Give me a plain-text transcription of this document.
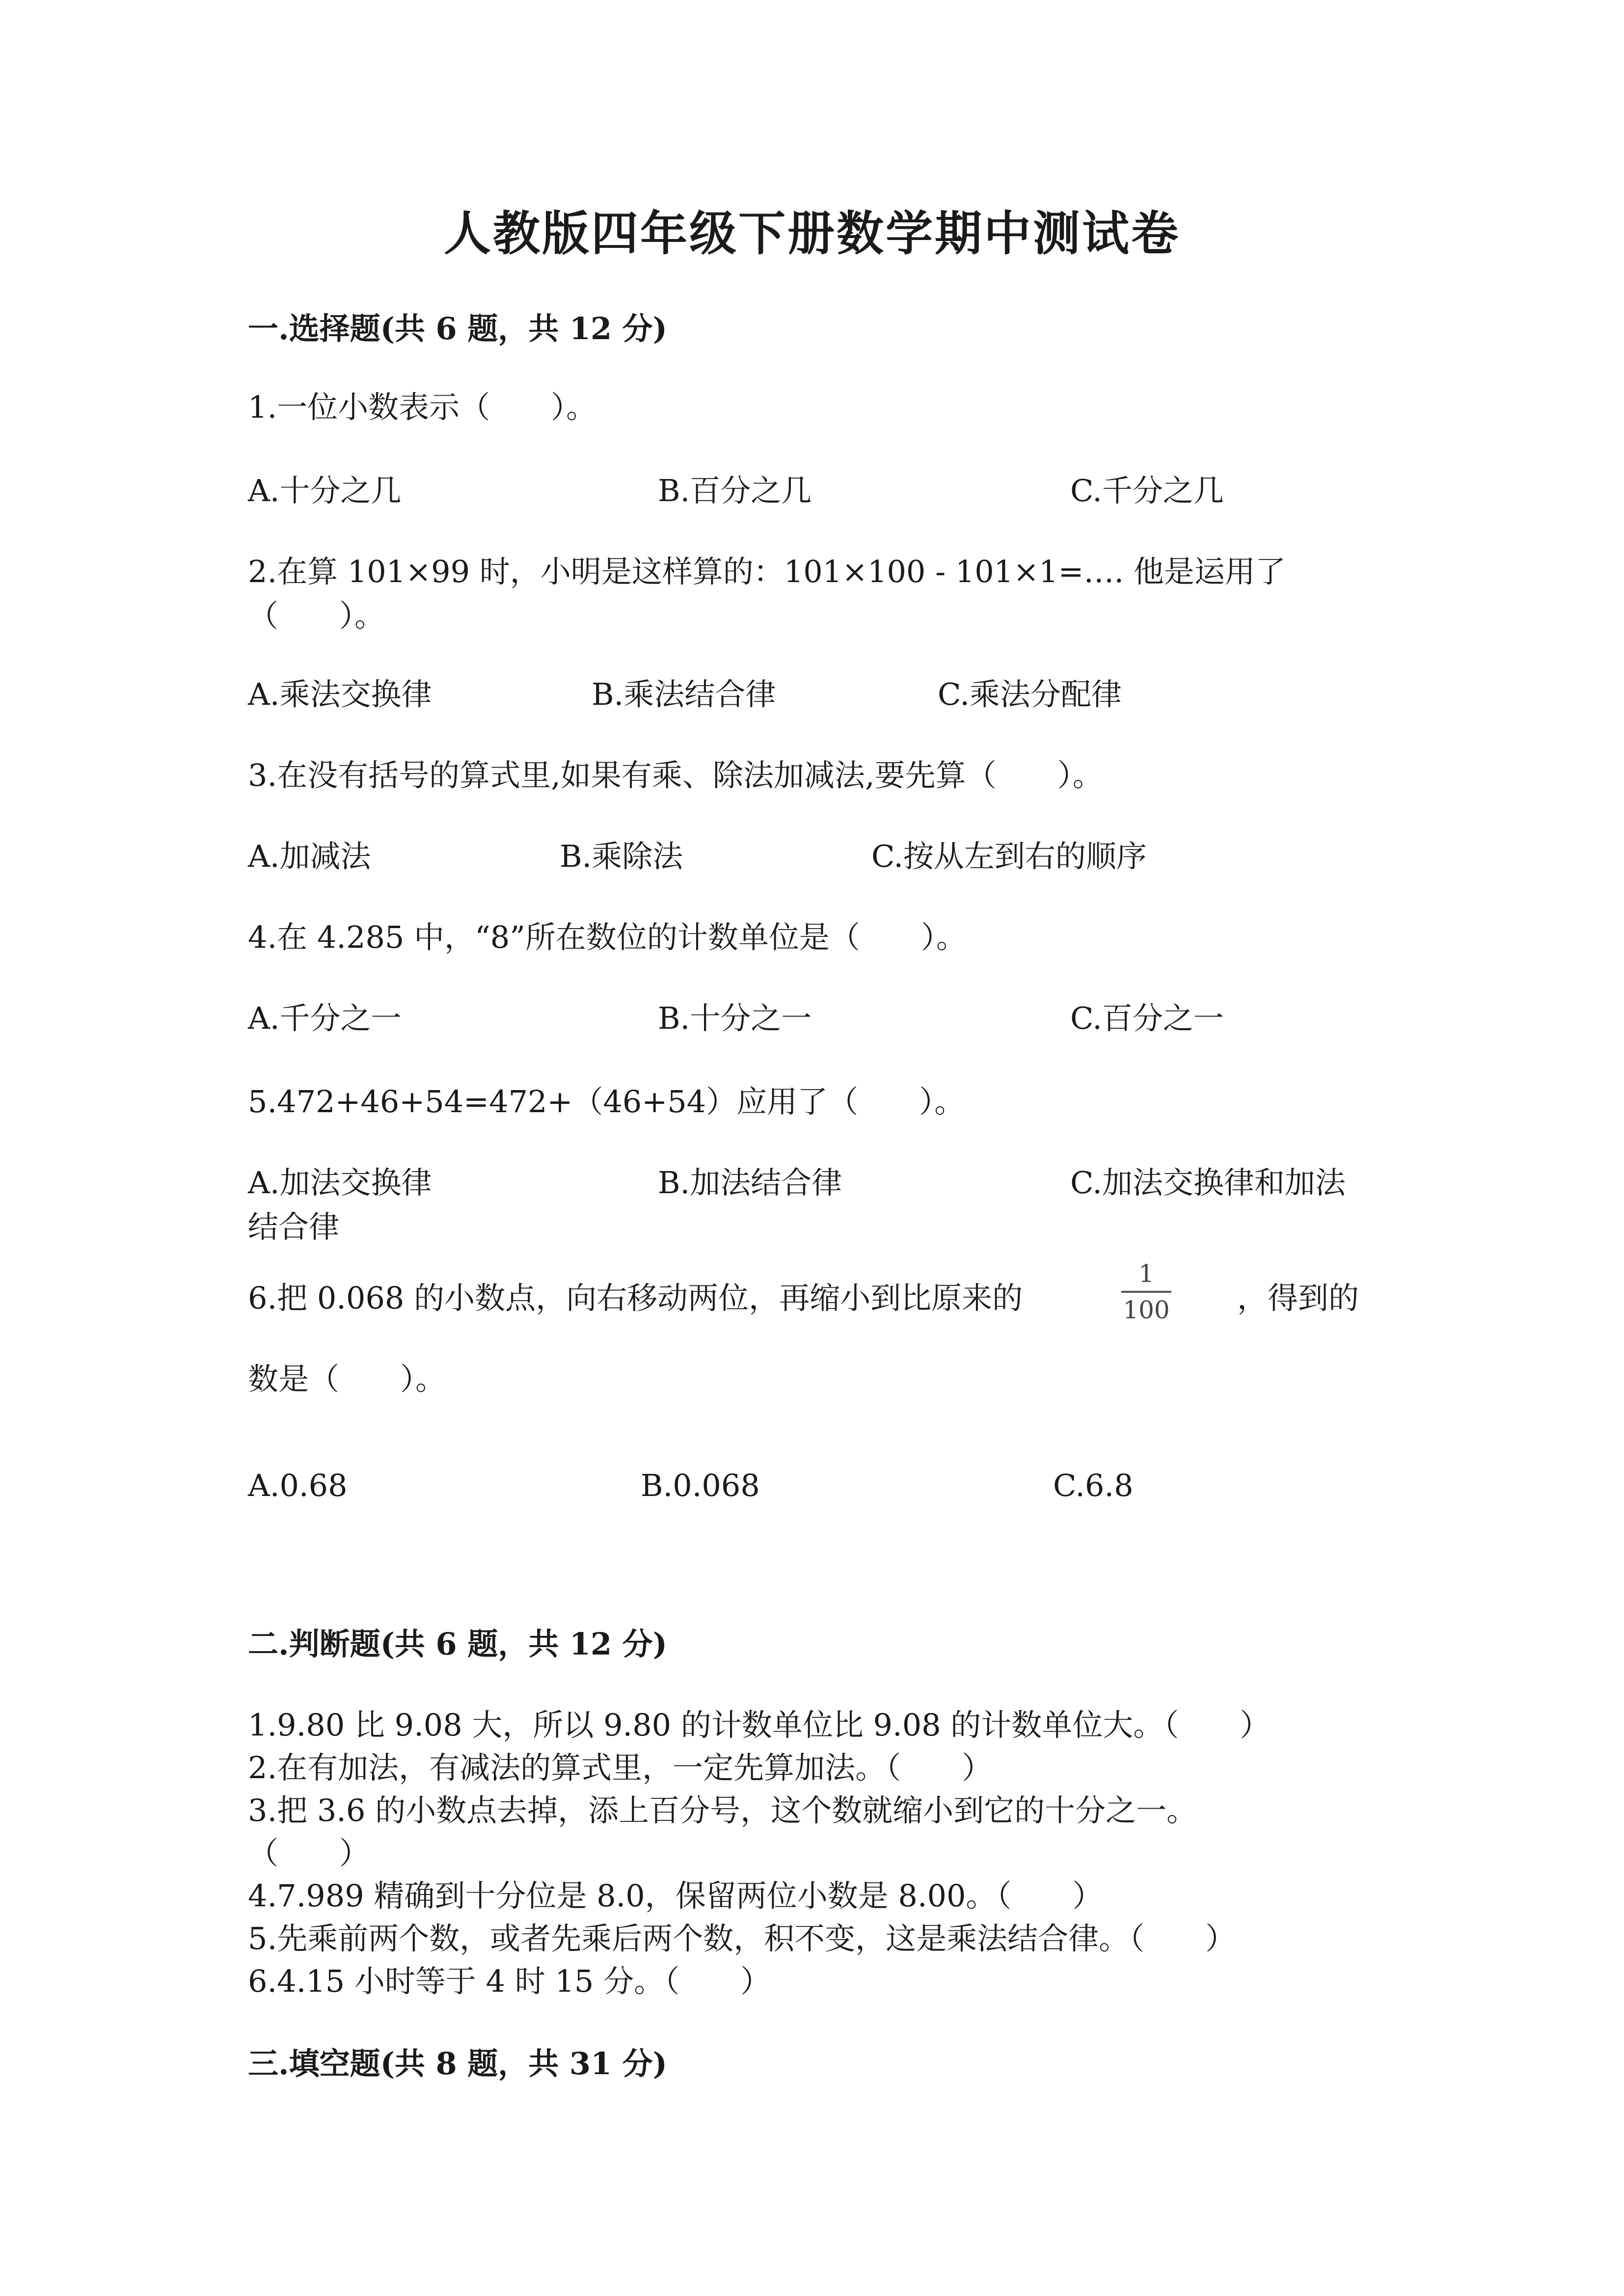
人教版四年级下册数学期中测试卷
一.选择题(共 6 题，共 12 分)
1.一位小数表示（　　）。
A.十分之几	B.百分之几	C.千分之几
2.在算 101×99 时，小明是这样算的：101×100 - 101×1=…. 他是运用了
（　　）。
A.乘法交换律	B.乘法结合律	C.乘法分配律
3.在没有括号的算式里,如果有乘、除法加减法,要先算（　　）。
A.加减法	B.乘除法	C.按从左到右的顺序
4.在 4.285 中，“8”所在数位的计数单位是（　　）。
A.千分之一	B.十分之一	C.百分之一
5.472+46+54=472+（46+54）应用了（　　）。
A.加法交换律	B.加法结合律	C.加法交换律和加法
结合律
6.把 0.068 的小数点，向右移动两位，再缩小到比原来的
1
100 ，得到的
数是（　　）。
A.0.68	B.0.068	C.6.8
二.判断题(共 6 题，共 12 分)
1.9.80 比 9.08 大，所以 9.80 的计数单位比 9.08 的计数单位大。（　　）
2.在有加法，有减法的算式里，一定先算加法。（　　）
3.把 3.6 的小数点去掉，添上百分号，这个数就缩小到它的十分之一。
（　　）
4.7.989 精确到十分位是 8.0，保留两位小数是 8.00。（　　）
5.先乘前两个数，或者先乘后两个数，积不变，这是乘法结合律。（　　）
6.4.15 小时等于 4 时 15 分。（　　）
三.填空题(共 8 题，共 31 分)
